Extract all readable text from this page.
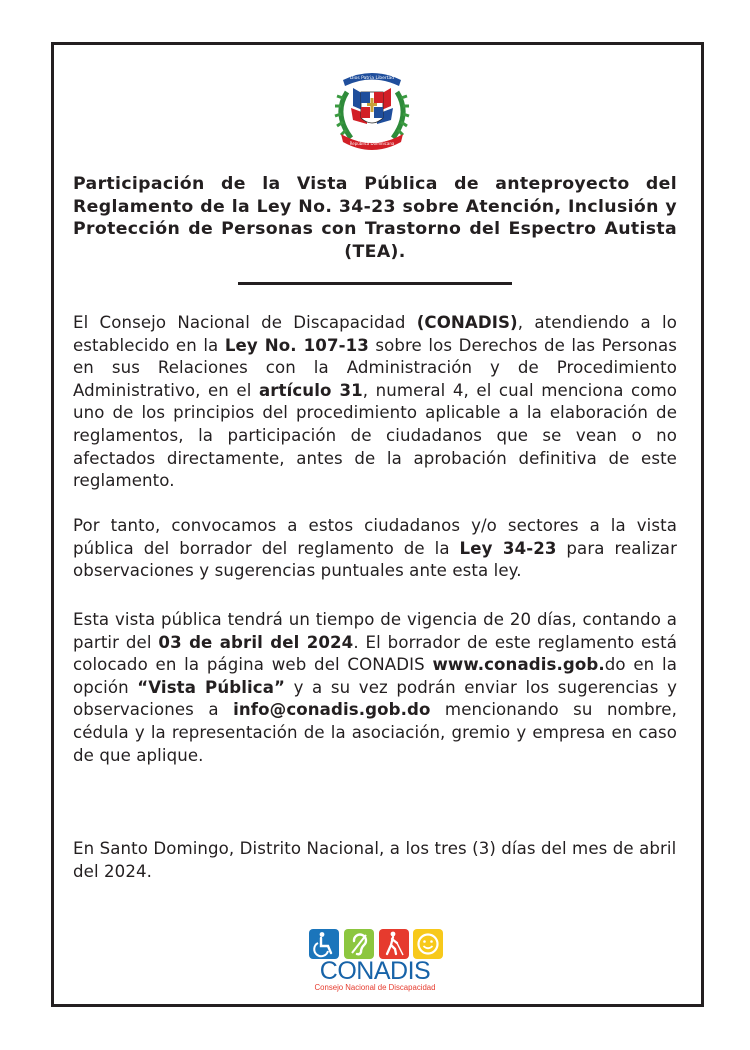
Dios Patria Libertad
República Dominicana

Participación de la Vista Pública de anteproyecto del Reglamento de la Ley No. 34-23 sobre Atención, Inclusión y Protección de Personas con Trastorno del Espectro Autista (TEA).

El Consejo Nacional de Discapacidad (CONADIS), atendiendo a lo establecido en la Ley No. 107-13 sobre los Derechos de las Personas en sus Relaciones con la Administración y de Procedimiento Administrativo, en el artículo 31, numeral 4, el cual menciona como uno de los principios del procedimiento aplicable a la elaboración de reglamentos, la participación de ciudadanos que se vean o no afectados directamente, antes de la aprobación definitiva de este reglamento.

Por tanto, convocamos a estos ciudadanos y/o sectores a la vista pública del borrador del reglamento de la Ley 34-23 para realizar observaciones y sugerencias puntuales ante esta ley.

Esta vista pública tendrá un tiempo de vigencia de 20 días, contando a partir del 03 de abril del 2024. El borrador de este reglamento está colocado en la página web del CONADIS www.conadis.gob.do en la opción “Vista Pública” y a su vez podrán enviar los sugerencias y observaciones a info@conadis.gob.do mencionando su nombre, cédula y la representación de la asociación, gremio y empresa en caso de que aplique.

En Santo Domingo, Distrito Nacional, a los tres (3) días del mes de abril del 2024.

CONADIS
Consejo Nacional de Discapacidad
